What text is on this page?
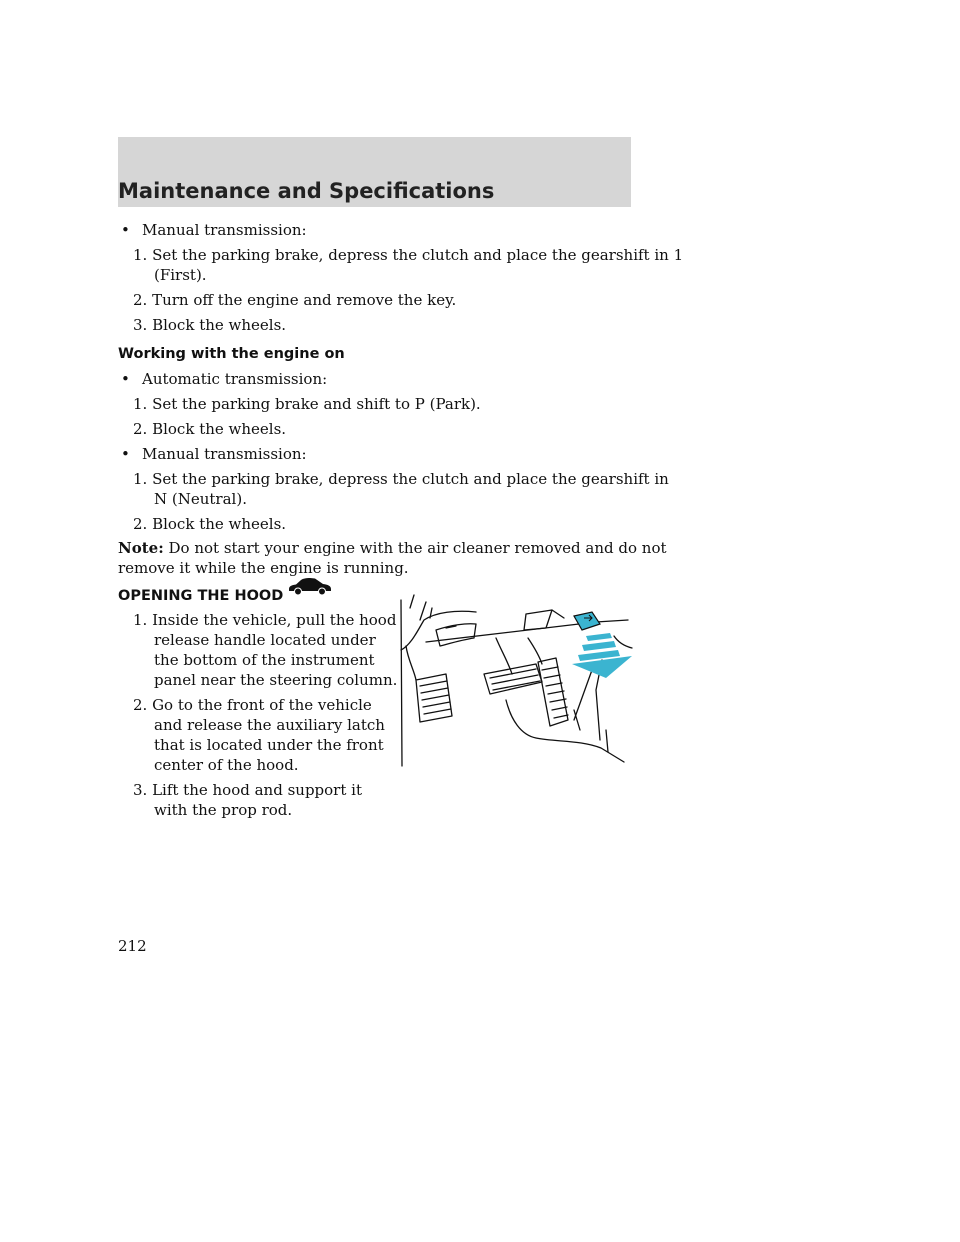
Maintenance and Specifications
• Manual transmission:
1. Set the parking brake, depress the clutch and place the gearshift in 1
(First).
2. Turn off the engine and remove the key.
3. Block the wheels.
Working with the engine on
• Automatic transmission:
1. Set the parking brake and shift to P (Park).
2. Block the wheels.
• Manual transmission:
1. Set the parking brake, depress the clutch and place the gearshift in
N (Neutral).
2. Block the wheels.
Note: Do not start your engine with the air cleaner removed and do not
remove it while the engine is running.
OPENING THE HOOD
1. Inside the vehicle, pull the hood
release handle located under
the bottom of the instrument
panel near the steering column.
2. Go to the front of the vehicle
and release the auxiliary latch
that is located under the front
center of the hood.
3. Lift the hood and support it
with the prop rod.
212
